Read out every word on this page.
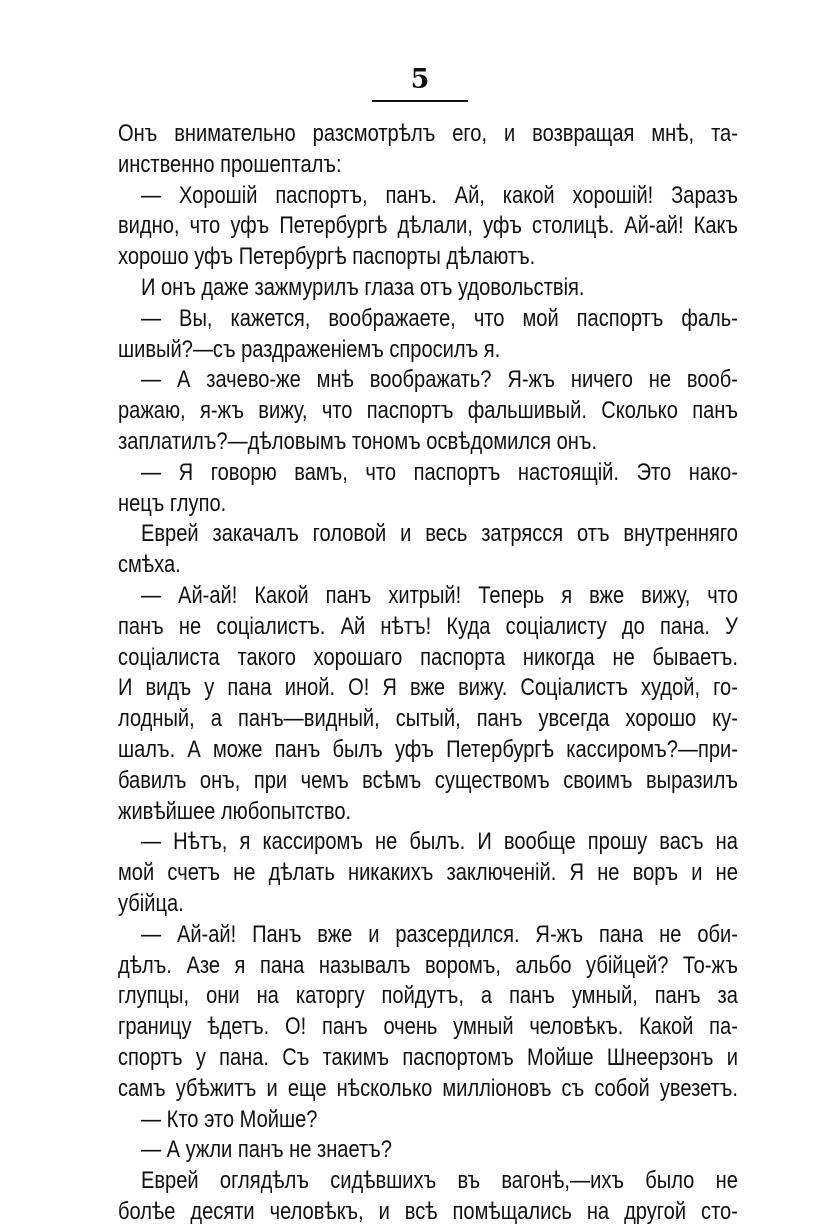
5
Онъ внимательно разсмотрѣлъ его, и возвращая мнѣ, та-
инственно прошепталъ:
— Хорошій паспортъ, панъ. Ай, какой хорошій! Заразъ
видно, что уфъ Петербургѣ дѣлали, уфъ столицѣ. Ай-ай! Какъ
хорошо уфъ Петербургѣ паспорты дѣлаютъ.
И онъ даже зажмурилъ глаза отъ удовольствія.
— Вы, кажется, воображаете, что мой паспортъ фаль-
шивый?—съ раздраженіемъ спросилъ я.
— А зачево-же мнѣ воображать? Я-жъ ничего не вооб-
ражаю, я-жъ вижу, что паспортъ фальшивый. Сколько панъ
заплатилъ?—дѣловымъ тономъ освѣдомился онъ.
— Я говорю вамъ, что паспортъ настоящій. Это нако-
нецъ глупо.
Еврей закачалъ головой и весь затрясся отъ внутренняго
смѣха.
— Ай-ай! Какой панъ хитрый! Теперь я вже вижу, что
панъ не соціалистъ. Ай нѣтъ! Куда соціалисту до пана. У
соціалиста такого хорошаго паспорта никогда не бываетъ.
И видъ у пана иной. О! Я вже вижу. Соціалистъ худой, го-
лодный, а панъ—видный, сытый, панъ увсегда хорошо ку-
шалъ. А може панъ былъ уфъ Петербургѣ кассиромъ?—при-
бавилъ онъ, при чемъ всѣмъ существомъ своимъ выразилъ
живѣйшее любопытство.
— Нѣтъ, я кассиромъ не былъ. И вообще прошу васъ на
мой счетъ не дѣлать никакихъ заключеній. Я не воръ и не
убійца.
— Ай-ай! Панъ вже и разсердился. Я-жъ пана не оби-
дѣлъ. Азе я пана называлъ воромъ, альбо убійцей? То-жъ
глупцы, они на каторгу пойдутъ, а панъ умный, панъ за
границу ѣдетъ. О! панъ очень умный человѣкъ. Какой па-
спортъ у пана. Съ такимъ паспортомъ Мойше Шнеерзонъ и
самъ убѣжитъ и еще нѣсколько милліоновъ съ собой увезетъ.
— Кто это Мойше?
— А ужли панъ не знаетъ?
Еврей оглядѣлъ сидѣвшихъ въ вагонѣ,—ихъ было не
болѣе десяти человѣкъ, и всѣ помѣщались на другой сто-
